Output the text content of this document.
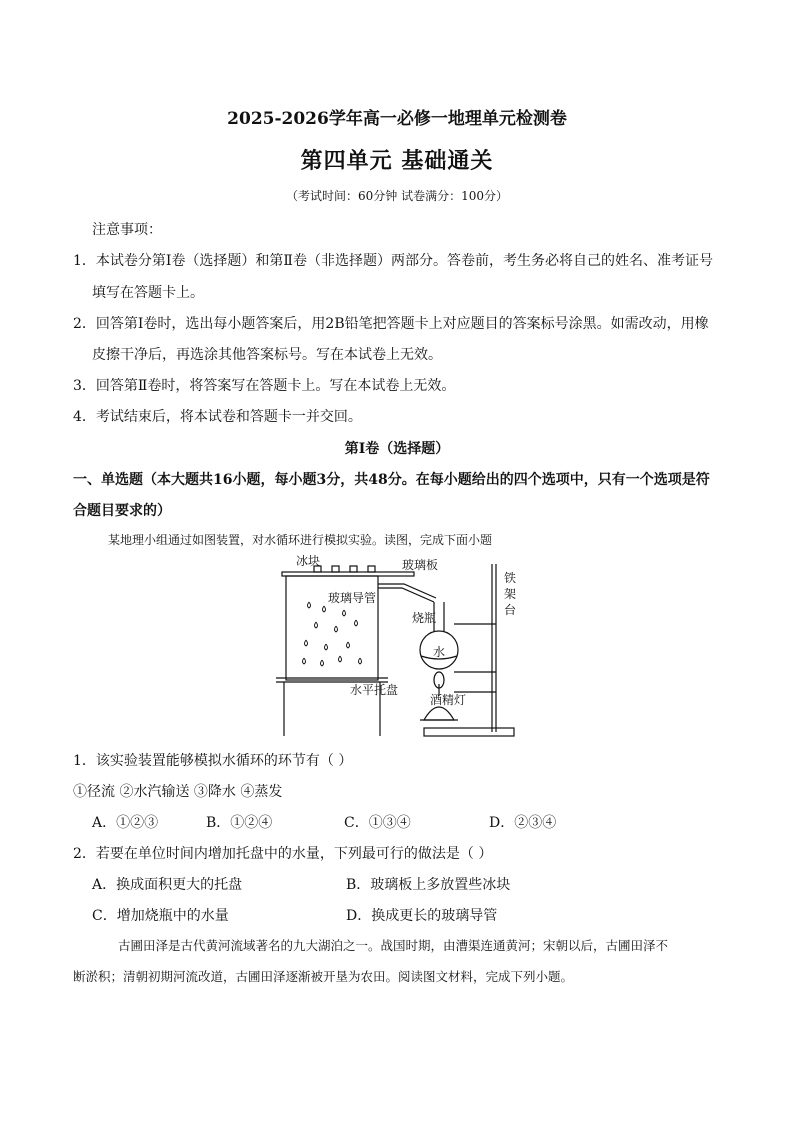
2025-2026学年高一必修一地理单元检测卷
第四单元 基础通关
（考试时间：60分钟 试卷满分：100分）
注意事项：
1．本试卷分第Ⅰ卷（选择题）和第Ⅱ卷（非选择题）两部分。答卷前，考生务必将自己的姓名、准考证号
填写在答题卡上。
2．回答第Ⅰ卷时，选出每小题答案后，用2B铅笔把答题卡上对应题目的答案标号涂黑。如需改动，用橡
皮擦干净后，再选涂其他答案标号。写在本试卷上无效。
3．回答第Ⅱ卷时，将答案写在答题卡上。写在本试卷上无效。
4．考试结束后，将本试卷和答题卡一并交回。
第Ⅰ卷（选择题）
一、单选题（本大题共16小题，每小题3分，共48分。在每小题给出的四个选项中，只有一个选项是符
合题目要求的）
某地理小组通过如图装置，对水循环进行模拟实验。读图，完成下面小题
冰块	玻璃板
玻璃导管
烧瓶
水
水平托盘
酒精灯
铁
架
台
1．该实验装置能够模拟水循环的环节有（ ）
①径流 ②水汽输送 ③降水 ④蒸发
A．①②③	B．①②④	C．①③④	D．②③④
2．若要在单位时间内增加托盘中的水量，下列最可行的做法是（ ）
A．换成面积更大的托盘	B．玻璃板上多放置些冰块
C．增加烧瓶中的水量	D．换成更长的玻璃导管
古圃田泽是古代黄河流域著名的九大湖泊之一。战国时期，由漕渠连通黄河；宋朝以后，古圃田泽不
断淤积；清朝初期河流改道，古圃田泽逐渐被开垦为农田。阅读图文材料，完成下列小题。
